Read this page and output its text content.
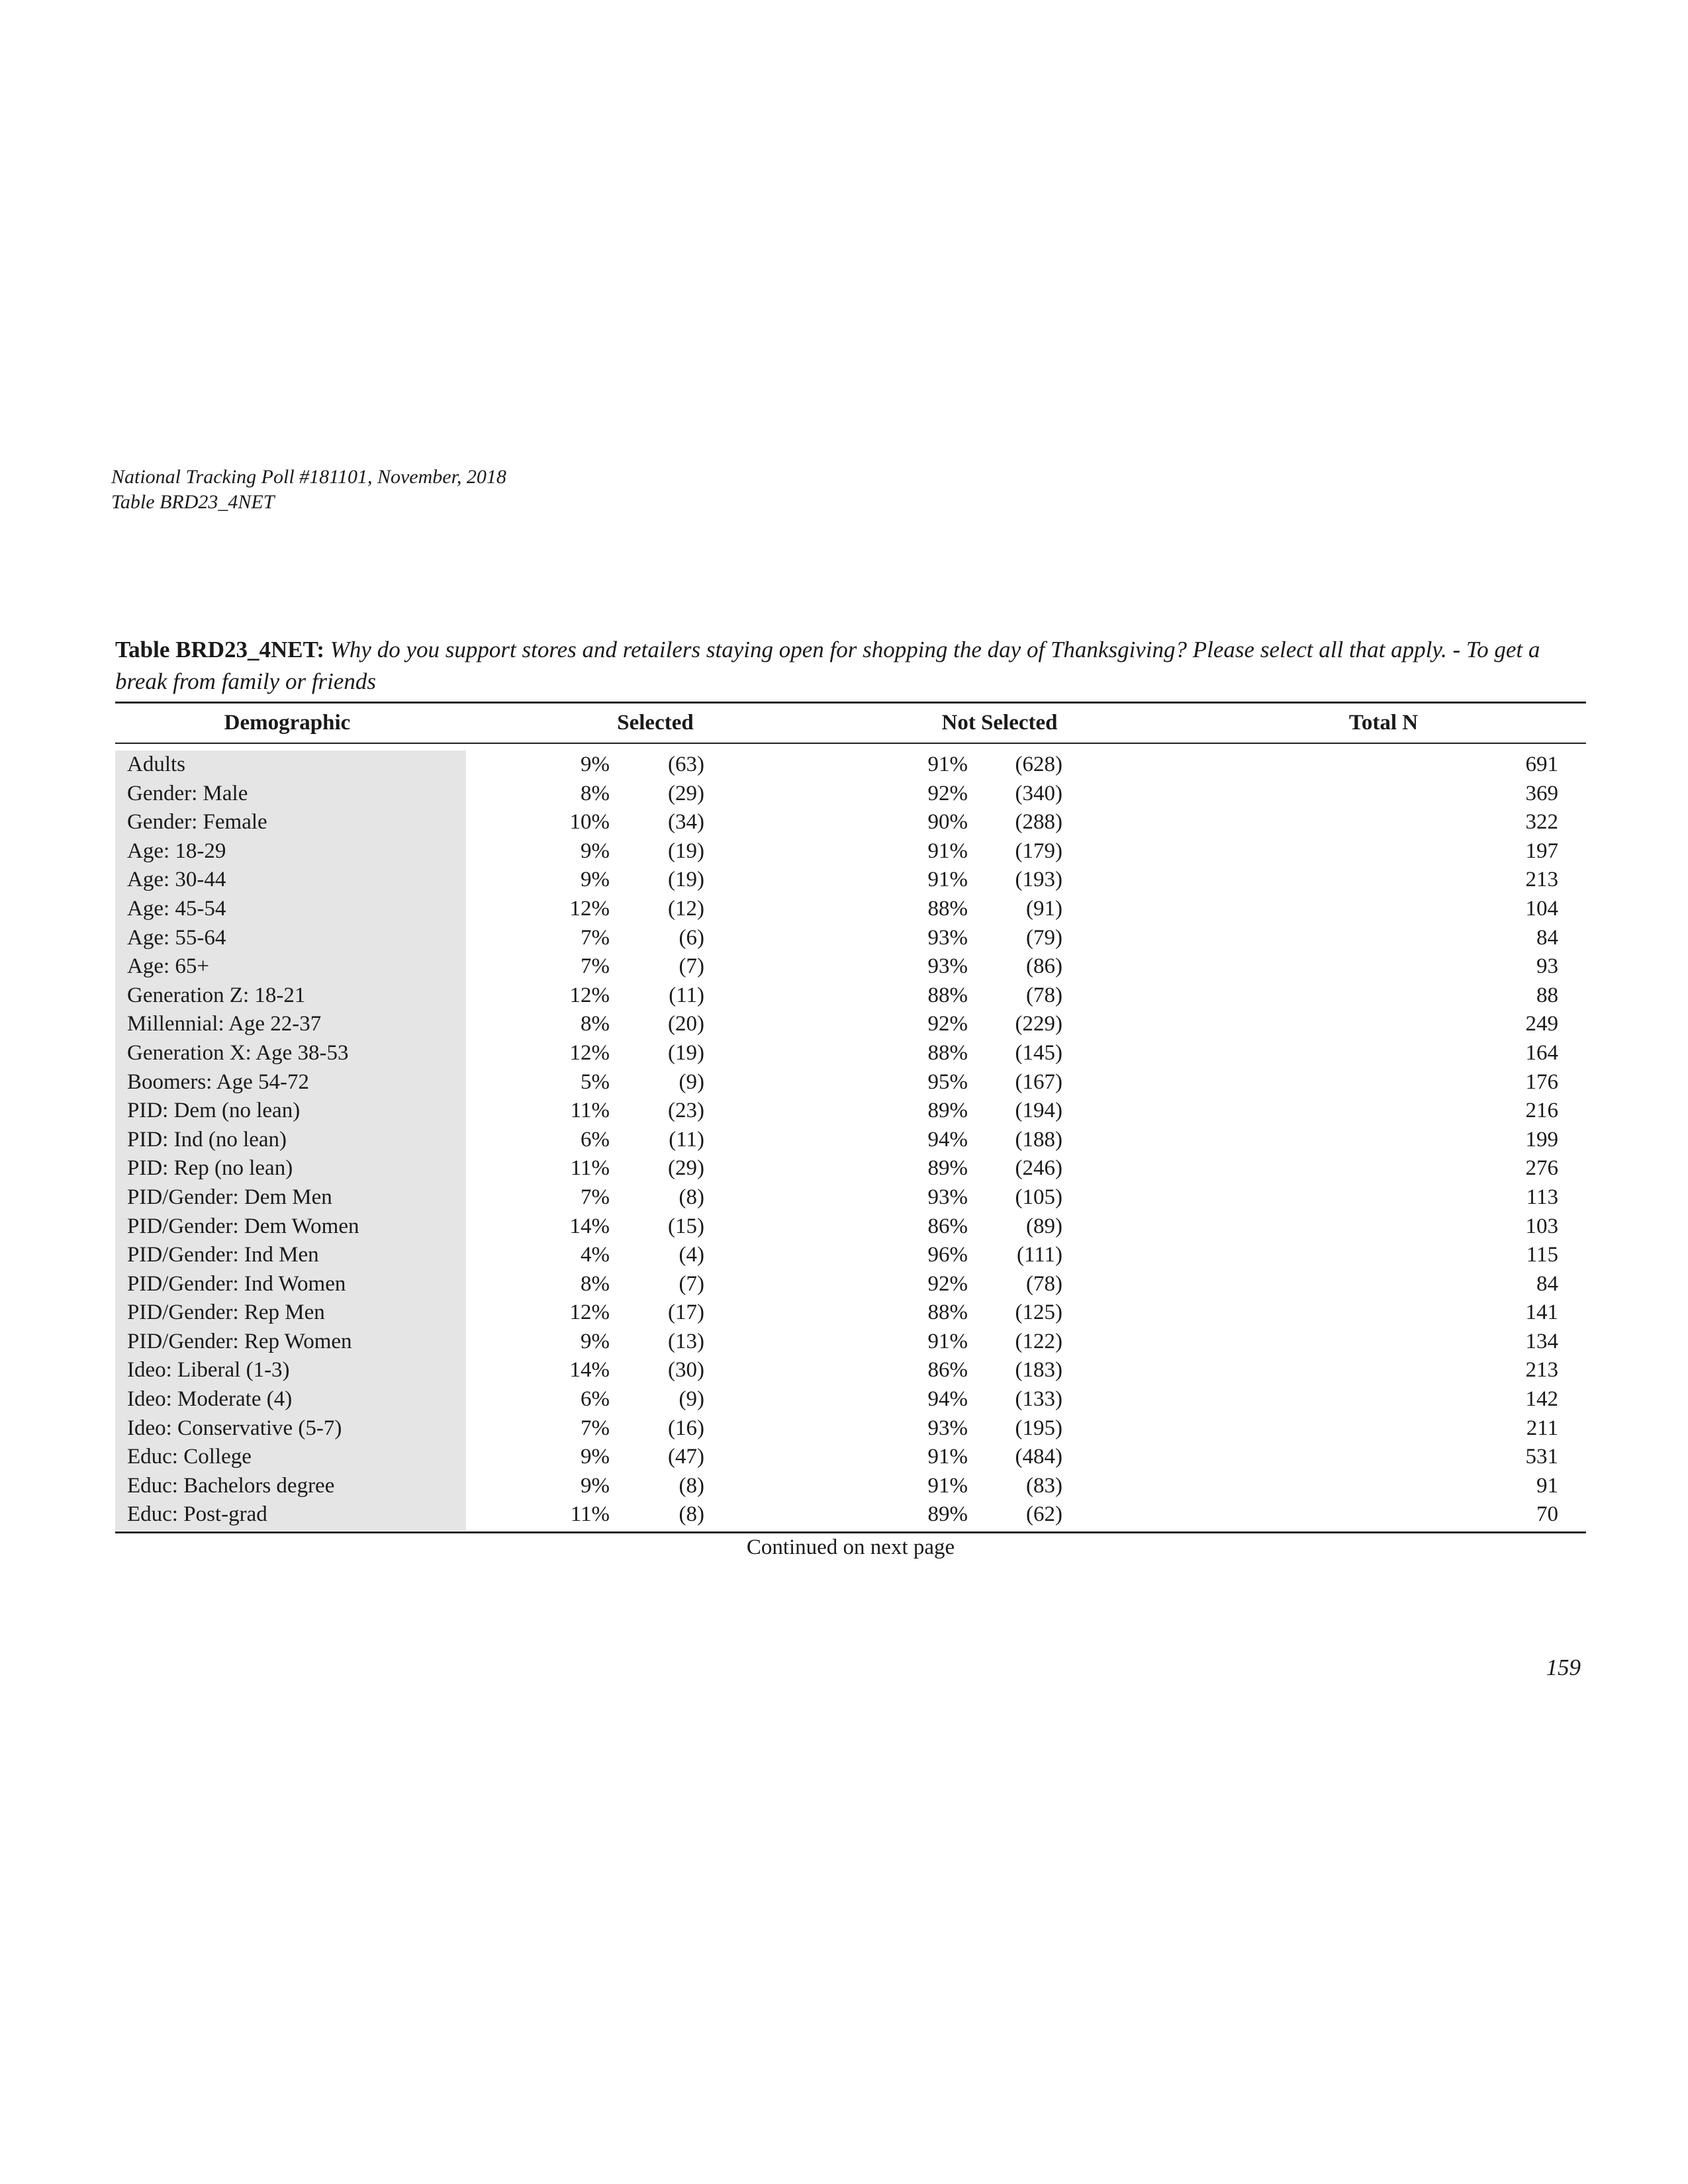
National Tracking Poll #181101, November, 2018
Table BRD23_4NET
Table BRD23_4NET: Why do you support stores and retailers staying open for shopping the day of Thanksgiving? Please select all that apply. - To get a break from family or friends
Demographic	Selected	Not Selected	Total N
Adults	9%	(63)	91% (628)	691
Gender: Male	8%	(29)	92% (340)	369
Gender: Female	10%	(34)	90% (288)	322
Age: 18-29	9%	(19)	91% (179)	197
Age: 30-44	9%	(19)	91% (193)	213
Age: 45-54	12%	(12)	88%	(91)	104
Age: 55-64	7%	(6)	93%	(79)	84
Age: 65+	7%	(7)	93%	(86)	93
Generation Z: 18-21	12%	(11)	88%	(78)	88
Millennial: Age 22-37	8%	(20)	92% (229)	249
Generation X: Age 38-53	12%	(19)	88% (145)	164
Boomers: Age 54-72	5%	(9)	95% (167)	176
PID: Dem (no lean)	11%	(23)	89% (194)	216
PID: Ind (no lean)	6%	(11)	94% (188)	199
PID: Rep (no lean)	11%	(29)	89% (246)	276
PID/Gender: Dem Men	7%	(8)	93% (105)	113
PID/Gender: Dem Women	14%	(15)	86%	(89)	103
PID/Gender: Ind Men	4%	(4)	96% (111)	115
PID/Gender: Ind Women	8%	(7)	92%	(78)	84
PID/Gender: Rep Men	12%	(17)	88% (125)	141
PID/Gender: Rep Women	9%	(13)	91% (122)	134
Ideo: Liberal (1-3)	14%	(30)	86% (183)	213
Ideo: Moderate (4)	6%	(9)	94% (133)	142
Ideo: Conservative (5-7)	7%	(16)	93% (195)	211
Educ: College	9%	(47)	91% (484)	531
Educ: Bachelors degree	9%	(8)	91%	(83)	91
Educ: Post-grad	11%	(8)	89%	(62)	70
Continued on next page
159
